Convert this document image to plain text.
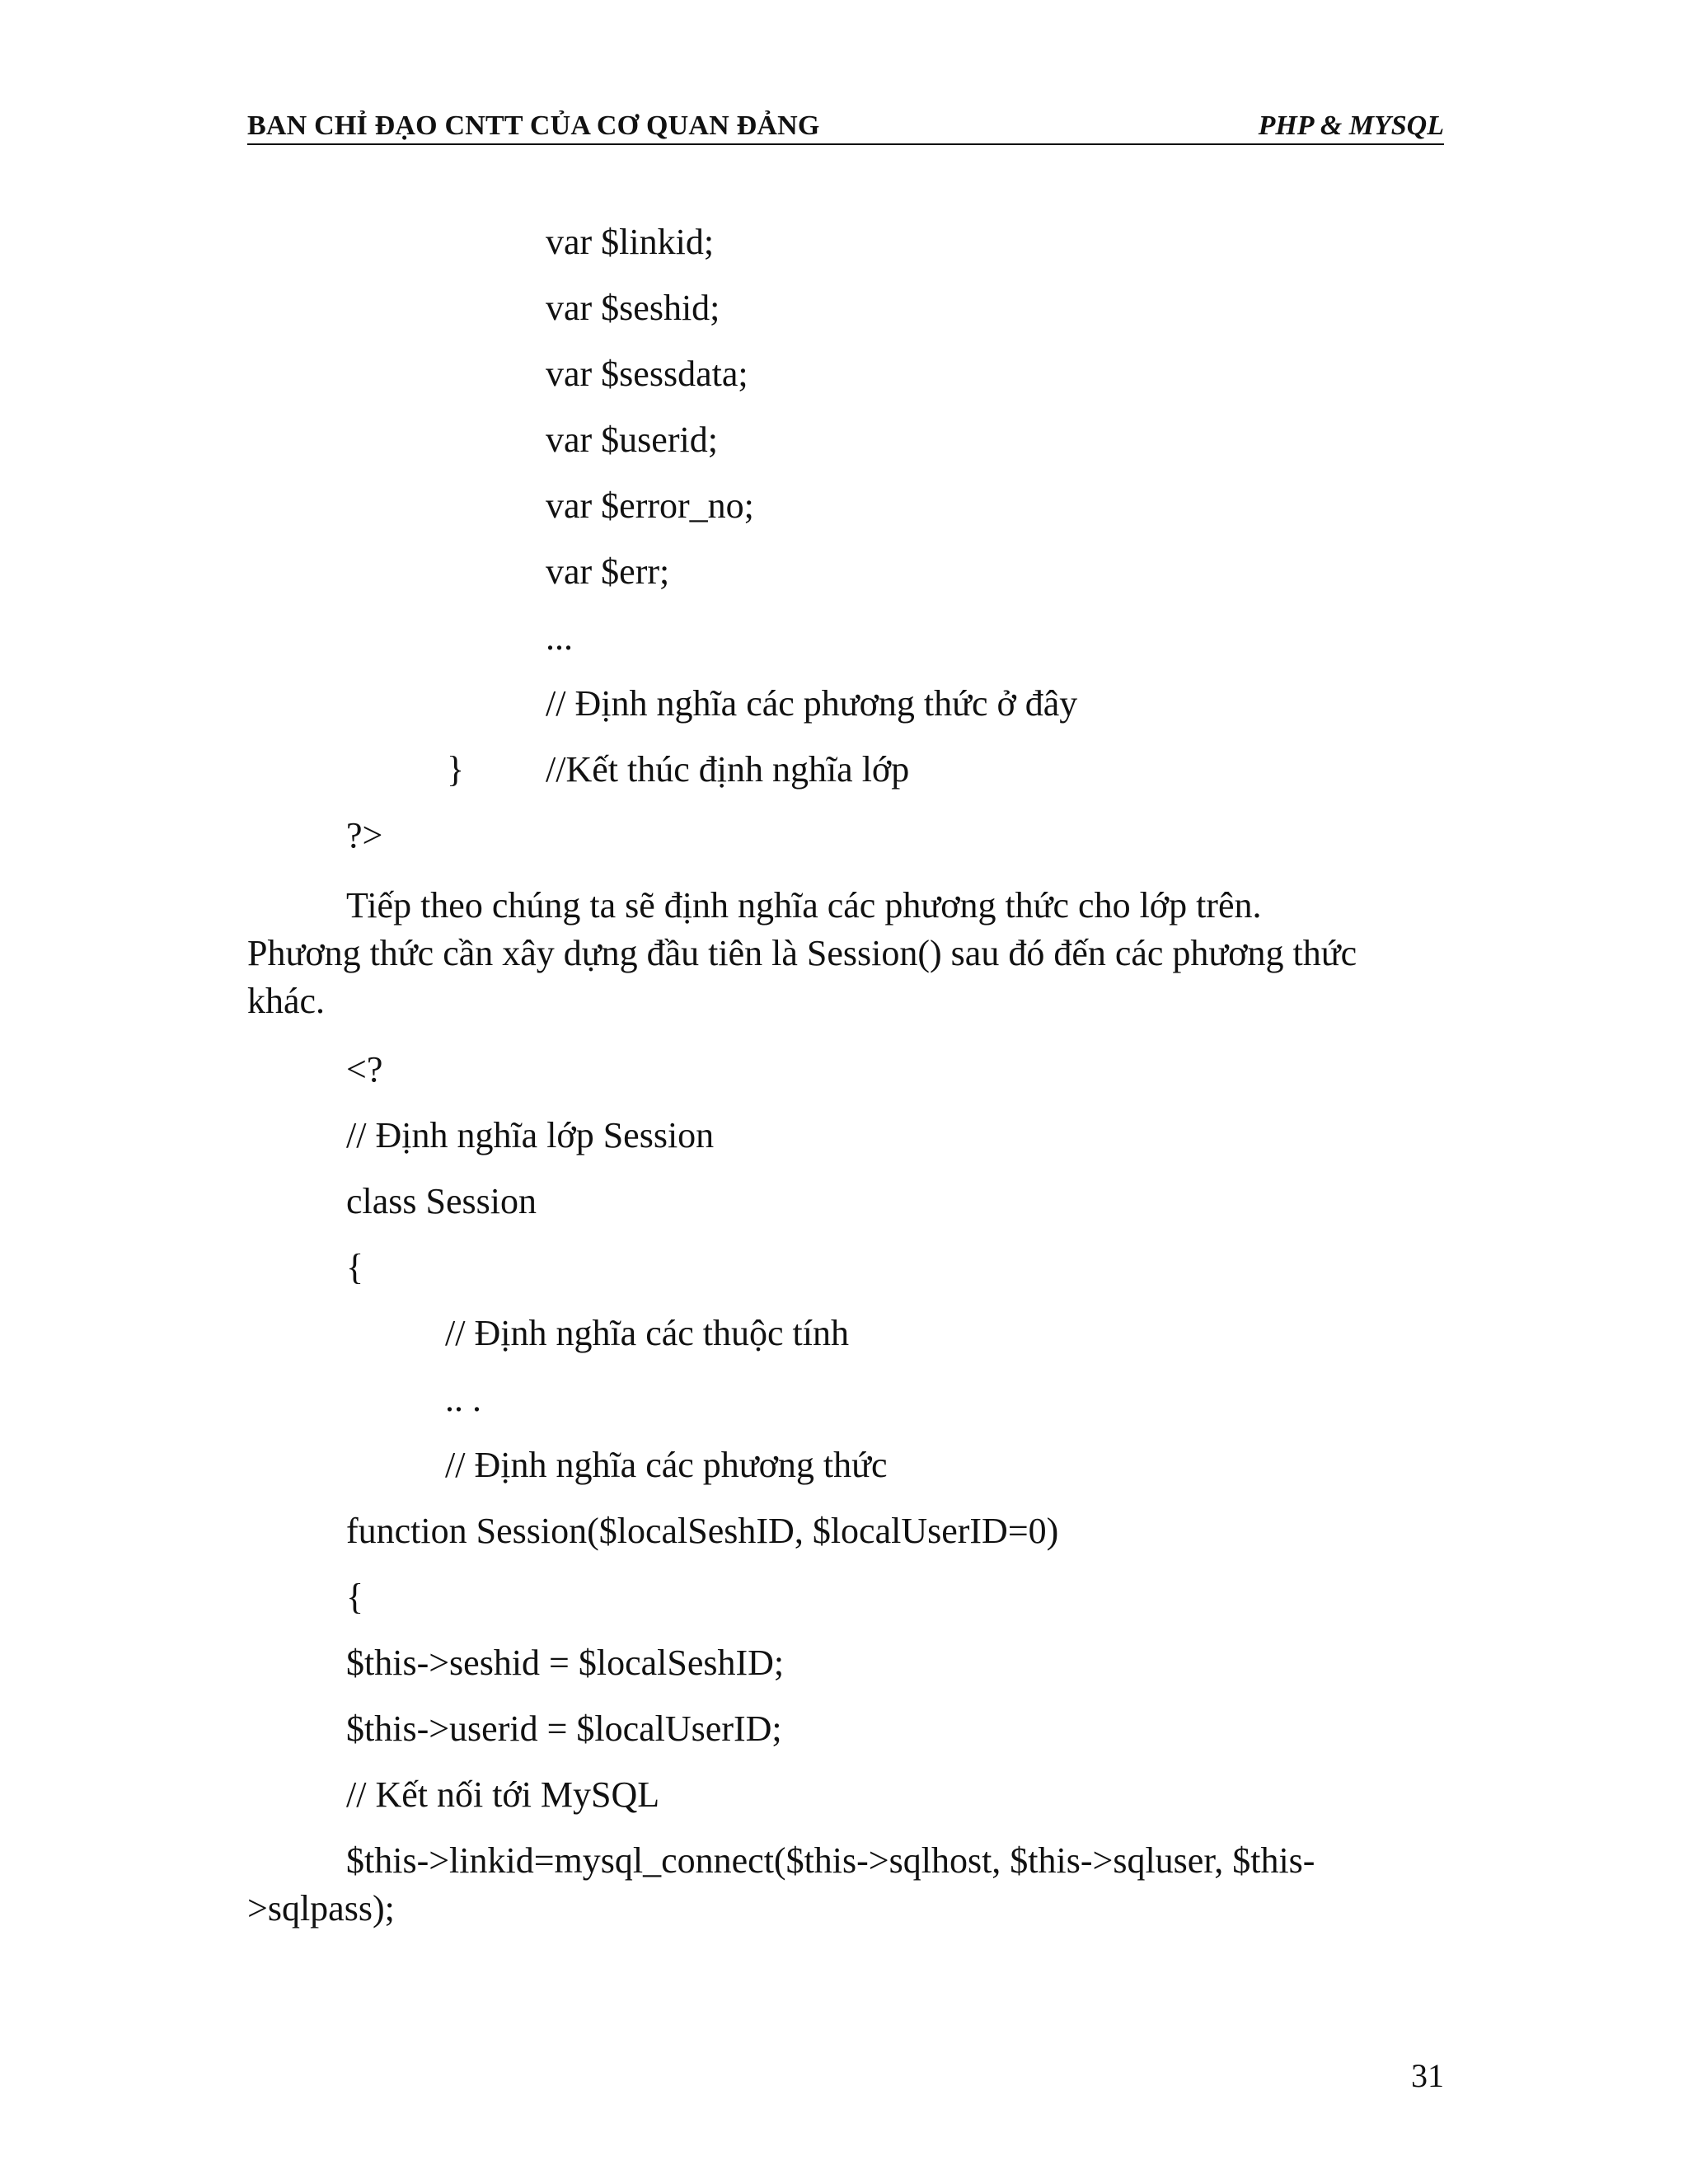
BAN CHỈ ĐẠO CNTT CỦA CƠ QUAN ĐẢNG	PHP & MYSQL
var $linkid;
var $seshid;
var $sessdata;
var $userid;
var $error_no;
var $err;
...
// Định nghĩa các phương thức ở đây
} //Kết thúc định nghĩa lớp
?>
Tiếp theo chúng ta sẽ định nghĩa các phương thức cho lớp trên.
Phương thức cần xây dựng đầu tiên là Session() sau đó đến các phương thức
khác.
<?
// Định nghĩa lớp Session
class Session
{
// Định nghĩa các thuộc tính
.. .
// Định nghĩa các phương thức
function Session($localSeshID, $localUserID=0)
{
$this->seshid = $localSeshID;
$this->userid = $localUserID;
// Kết nối tới MySQL
$this->linkid=mysql_connect($this->sqlhost, $this->sqluser, $this-
>sqlpass);
31
